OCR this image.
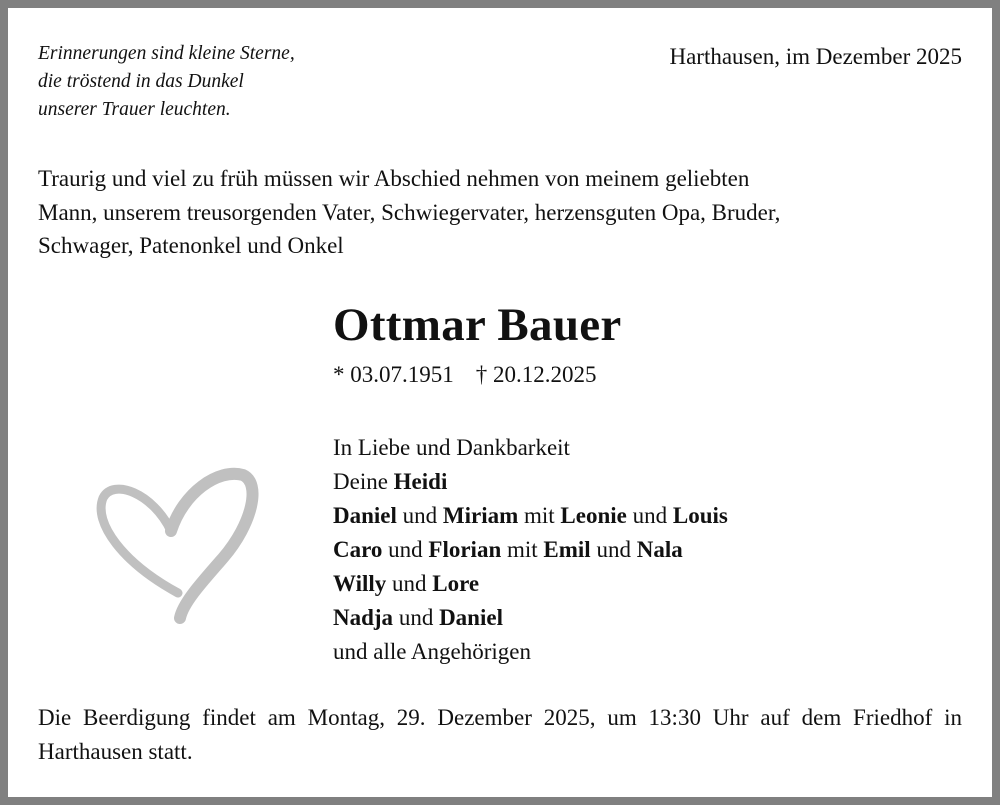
Erinnerungen sind kleine Sterne,
die tröstend in das Dunkel
unserer Trauer leuchten.
Harthausen, im Dezember 2025
Traurig und viel zu früh müssen wir Abschied nehmen von meinem geliebten
Mann, unserem treusorgenden Vater, Schwiegervater, herzensguten Opa, Bruder,
Schwager, Patenonkel und Onkel
Ottmar Bauer
* 03.07.1951 † 20.12.2025
In Liebe und Dankbarkeit
Deine Heidi
Daniel und Miriam mit Leonie und Louis
Caro und Florian mit Emil und Nala
Willy und Lore
Nadja und Daniel
und alle Angehörigen
Die Beerdigung findet am Montag, 29. Dezember 2025, um 13:30 Uhr auf dem Friedhof in Harthausen statt.
